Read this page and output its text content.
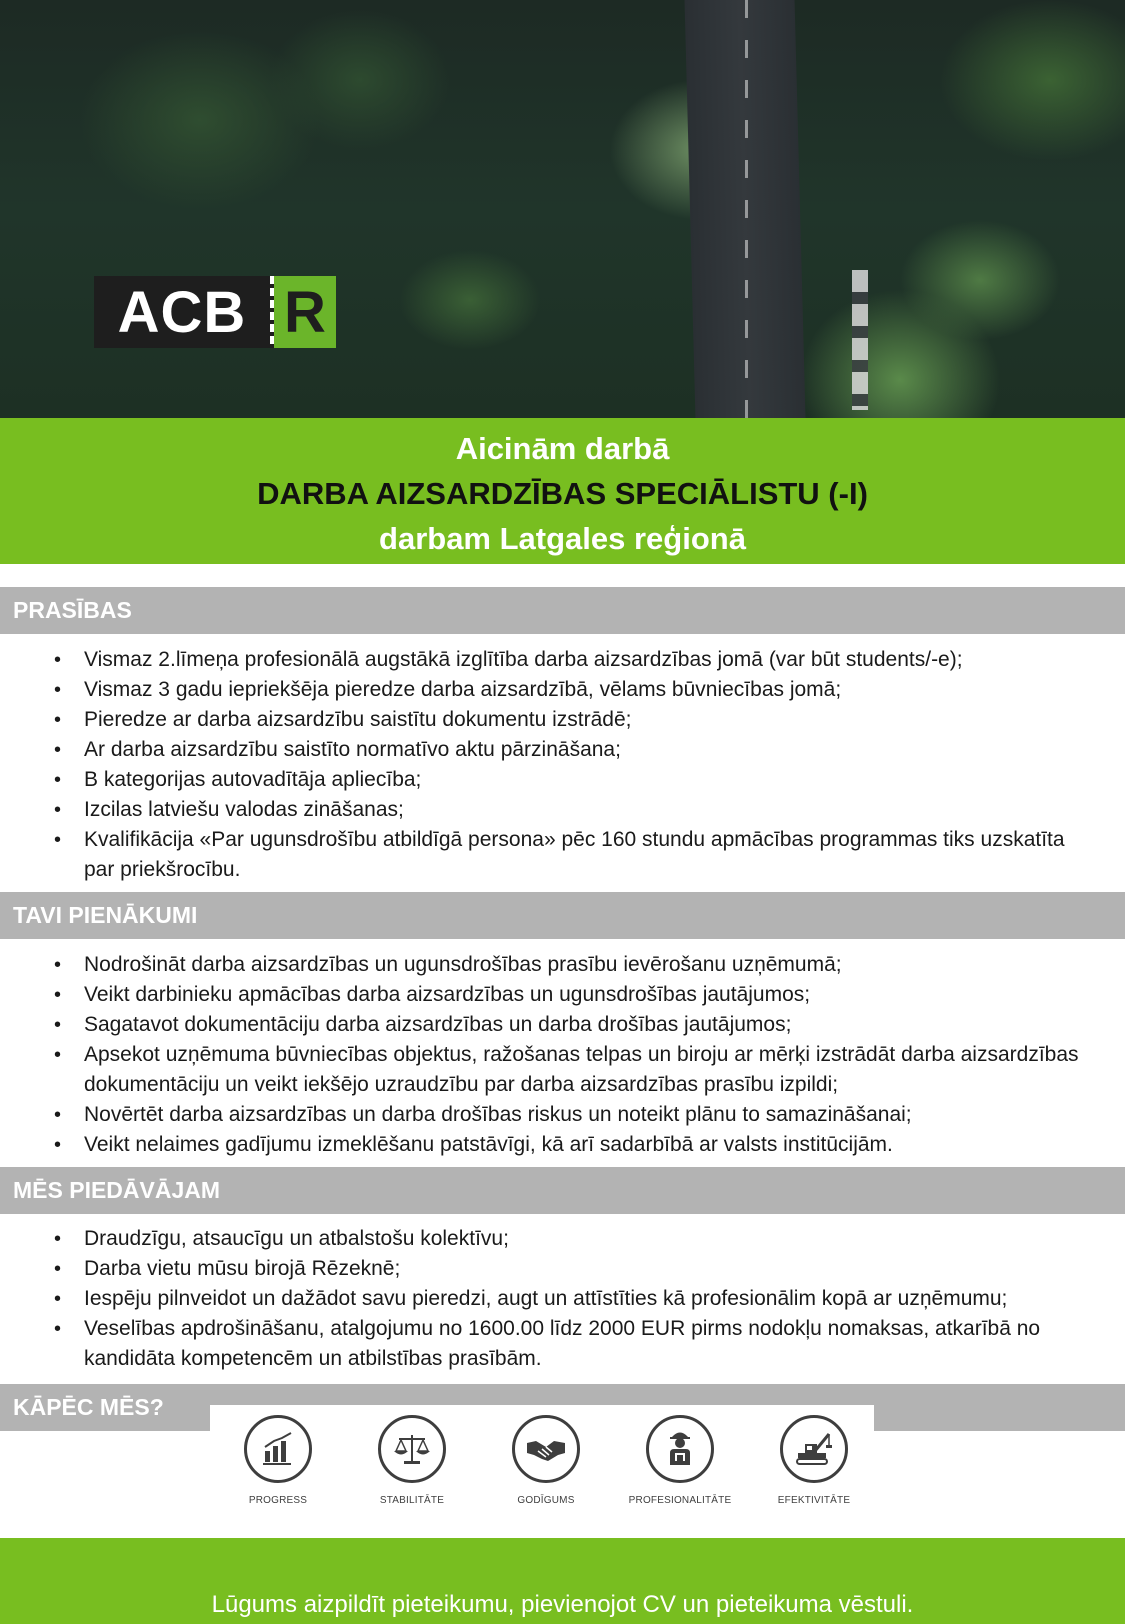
ACB R
Aicinām darbā
DARBA AIZSARDZĪBAS SPECIĀLISTU (-I)
darbam Latgales reģionā
PRASĪBAS
• Vismaz 2.līmeņa profesionālā augstākā izglītība darba aizsardzības jomā (var būt students/-e);
• Vismaz 3 gadu iepriekšēja pieredze darba aizsardzībā, vēlams būvniecības jomā;
• Pieredze ar darba aizsardzību saistītu dokumentu izstrādē;
• Ar darba aizsardzību saistīto normatīvo aktu pārzināšana;
• B kategorijas autovadītāja apliecība;
• Izcilas latviešu valodas zināšanas;
• Kvalifikācija «Par ugunsdrošību atbildīgā persona» pēc 160 stundu apmācības programmas tiks uzskatīta par priekšrocību.
TAVI PIENĀKUMI
• Nodrošināt darba aizsardzības un ugunsdrošības prasību ievērošanu uzņēmumā;
• Veikt darbinieku apmācības darba aizsardzības un ugunsdrošības jautājumos;
• Sagatavot dokumentāciju darba aizsardzības un darba drošības jautājumos;
• Apsekot uzņēmuma būvniecības objektus, ražošanas telpas un biroju ar mērķi izstrādāt darba aizsardzības dokumentāciju un veikt iekšējo uzraudzību par darba aizsardzības prasību izpildi;
• Novērtēt darba aizsardzības un darba drošības riskus un noteikt plānu to samazināšanai;
• Veikt nelaimes gadījumu izmeklēšanu patstāvīgi, kā arī sadarbībā ar valsts institūcijām.
MĒS PIEDĀVĀJAM
• Draudzīgu, atsaucīgu un atbalstošu kolektīvu;
• Darba vietu mūsu birojā Rēzeknē;
• Iespēju pilnveidot un dažādot savu pieredzi, augt un attīstīties kā profesionālim kopā ar uzņēmumu;
• Veselības apdrošināšanu, atalgojumu no 1600.00 līdz 2000 EUR pirms nodokļu nomaksas, atkarībā no kandidāta kompetencēm un atbilstības prasībām.
KĀPĒC MĒS?
PROGRESS	STABILITĀTE	GODĪGUMS	PROFESIONALITĀTE	EFEKTIVITĀTE
Lūgums aizpildīt pieteikumu, pievienojot CV un pieteikuma vēstuli.
